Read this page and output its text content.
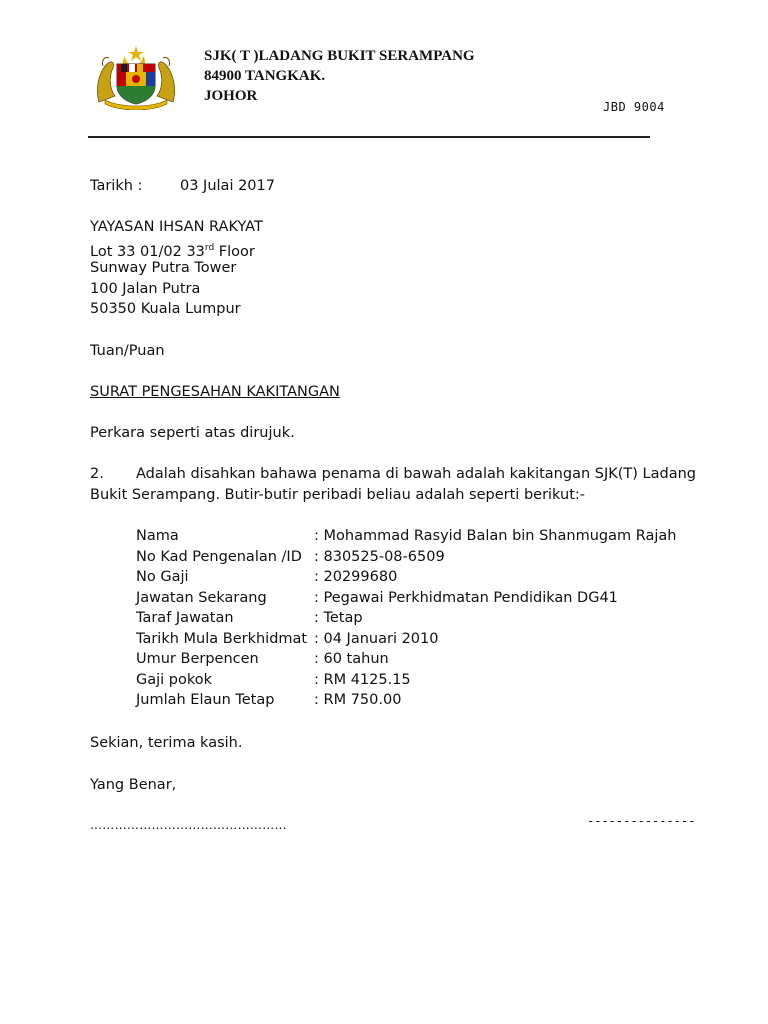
SJK( T )LADANG BUKIT SERAMPANG
84900 TANGKAK.
JOHOR
JBD 9004
Tarikh :	03 Julai 2017
YAYASAN IHSAN RAKYAT
Lot 33 01/02 33rd Floor
Sunway Putra Tower
100 Jalan Putra
50350 Kuala Lumpur
Tuan/Puan
SURAT PENGESAHAN KAKITANGAN
Perkara seperti atas dirujuk.
2. Adalah disahkan bahawa penama di bawah adalah kakitangan SJK(T) Ladang
Bukit Serampang. Butir-butir peribadi beliau adalah seperti berikut:-
Nama	: Mohammad Rasyid Balan bin Shanmugam Rajah
No Kad Pengenalan /ID : 830525-08-6509
No Gaji	: 20299680
Jawatan Sekarang	: Pegawai Perkhidmatan Pendidikan DG41
Taraf Jawatan	: Tetap
Tarikh Mula Berkhidmat : 04 Januari 2010
Umur Berpencen	: 60 tahun
Gaji pokok	: RM 4125.15
Jumlah Elaun Tetap	: RM 750.00
Sekian, terima kasih.
Yang Benar,
…………………………………………	---------------
